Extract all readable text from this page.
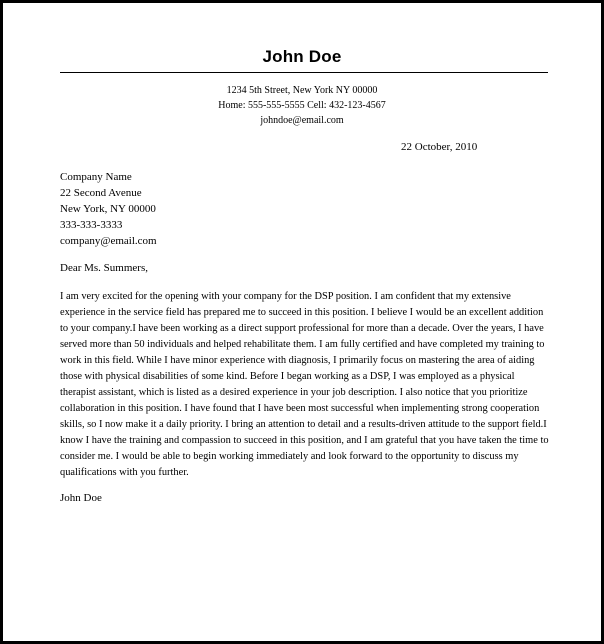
John Doe
1234 5th Street, New York NY 00000
Home: 555-555-5555 Cell: 432-123-4567
johndoe@email.com
22 October, 2010
Company Name
22 Second Avenue
New York, NY 00000
333-333-3333
company@email.com
Dear Ms. Summers,
I am very excited for the opening with your company for the DSP position. I am confident that my extensive experience in the service field has prepared me to succeed in this position. I believe I would be an excellent addition to your company.I have been working as a direct support professional for more than a decade. Over the years, I have served more than 50 individuals and helped rehabilitate them. I am fully certified and have completed my training to work in this field. While I have minor experience with diagnosis, I primarily focus on mastering the area of aiding those with physical disabilities of some kind. Before I began working as a DSP, I was employed as a physical therapist assistant, which is listed as a desired experience in your job description. I also notice that you prioritize collaboration in this position. I have found that I have been most successful when implementing strong cooperation skills, so I now make it a daily priority. I bring an attention to detail and a results-driven attitude to the support field.I know I have the training and compassion to succeed in this position, and I am grateful that you have taken the time to consider me. I would be able to begin working immediately and look forward to the opportunity to discuss my qualifications with you further.
John Doe
